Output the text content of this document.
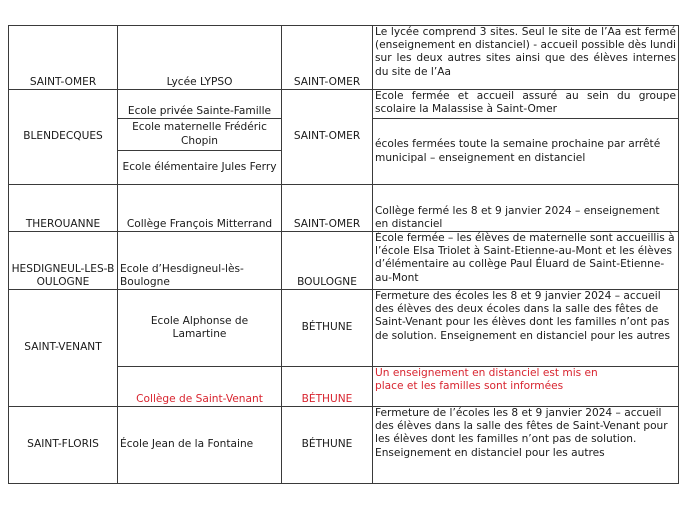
SAINT-OMER	Lycée LYPSO	SAINT-OMER	Le lycée comprend 3 sites. Seul le site de l’Aa est fermé (enseignement en distanciel) - accueil possible dès lundi sur les deux autres sites ainsi que des élèves internes du site de l’Aa
BLENDECQUES	Ecole privée Sainte-Famille	SAINT-OMER	Ecole fermée et accueil assuré au sein du groupe scolaire la Malassise à Saint-Omer
	Ecole maternelle Frédéric Chopin		écoles fermées toute la semaine prochaine par arrêté municipal – enseignement en distanciel
	Ecole élémentaire Jules Ferry		
THEROUANNE	Collège François Mitterrand	SAINT-OMER	Collège fermé les 8 et 9 janvier 2024 – enseignement en distanciel
HESDIGNEUL-LES-BOULOGNE	Ecole d’Hesdigneul-lès-Boulogne	BOULOGNE	École fermée – les élèves de maternelle sont accueillis à l’école Elsa Triolet à Saint-Etienne-au-Mont et les élèves d’élémentaire au collège Paul Éluard de Saint-Etienne-au-Mont
SAINT-VENANT	Ecole Alphonse de Lamartine	BÉTHUNE	Fermeture des écoles les 8 et 9 janvier 2024 – accueil des élèves des deux écoles dans la salle des fêtes de Saint-Venant pour les élèves dont les familles n’ont pas de solution. Enseignement en distanciel pour les autres
	Collège de Saint-Venant	BÉTHUNE	Un enseignement en distanciel est mis en place et les familles sont informées
SAINT-FLORIS	École Jean de la Fontaine	BÉTHUNE	Fermeture de l’écoles les 8 et 9 janvier 2024 – accueil des élèves dans la salle des fêtes de Saint-Venant pour les élèves dont les familles n’ont pas de solution. Enseignement en distanciel pour les autres
